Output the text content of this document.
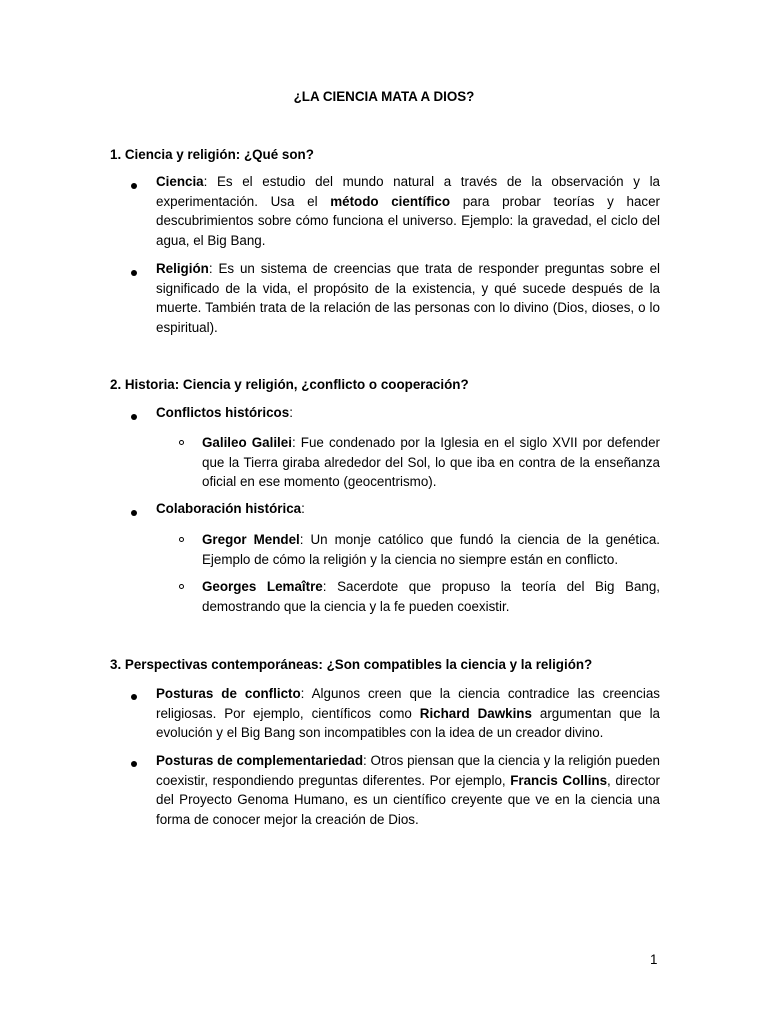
¿LA CIENCIA MATA A DIOS?
1. Ciencia y religión: ¿Qué son?
Ciencia: Es el estudio del mundo natural a través de la observación y la experimentación. Usa el método científico para probar teorías y hacer descubrimientos sobre cómo funciona el universo. Ejemplo: la gravedad, el ciclo del agua, el Big Bang.
Religión: Es un sistema de creencias que trata de responder preguntas sobre el significado de la vida, el propósito de la existencia, y qué sucede después de la muerte. También trata de la relación de las personas con lo divino (Dios, dioses, o lo espiritual).
2. Historia: Ciencia y religión, ¿conflicto o cooperación?
Conflictos históricos:
Galileo Galilei: Fue condenado por la Iglesia en el siglo XVII por defender que la Tierra giraba alrededor del Sol, lo que iba en contra de la enseñanza oficial en ese momento (geocentrismo).
Colaboración histórica:
Gregor Mendel: Un monje católico que fundó la ciencia de la genética. Ejemplo de cómo la religión y la ciencia no siempre están en conflicto.
Georges Lemaître: Sacerdote que propuso la teoría del Big Bang, demostrando que la ciencia y la fe pueden coexistir.
3. Perspectivas contemporáneas: ¿Son compatibles la ciencia y la religión?
Posturas de conflicto: Algunos creen que la ciencia contradice las creencias religiosas. Por ejemplo, científicos como Richard Dawkins argumentan que la evolución y el Big Bang son incompatibles con la idea de un creador divino.
Posturas de complementariedad: Otros piensan que la ciencia y la religión pueden coexistir, respondiendo preguntas diferentes. Por ejemplo, Francis Collins, director del Proyecto Genoma Humano, es un científico creyente que ve en la ciencia una forma de conocer mejor la creación de Dios.
1
